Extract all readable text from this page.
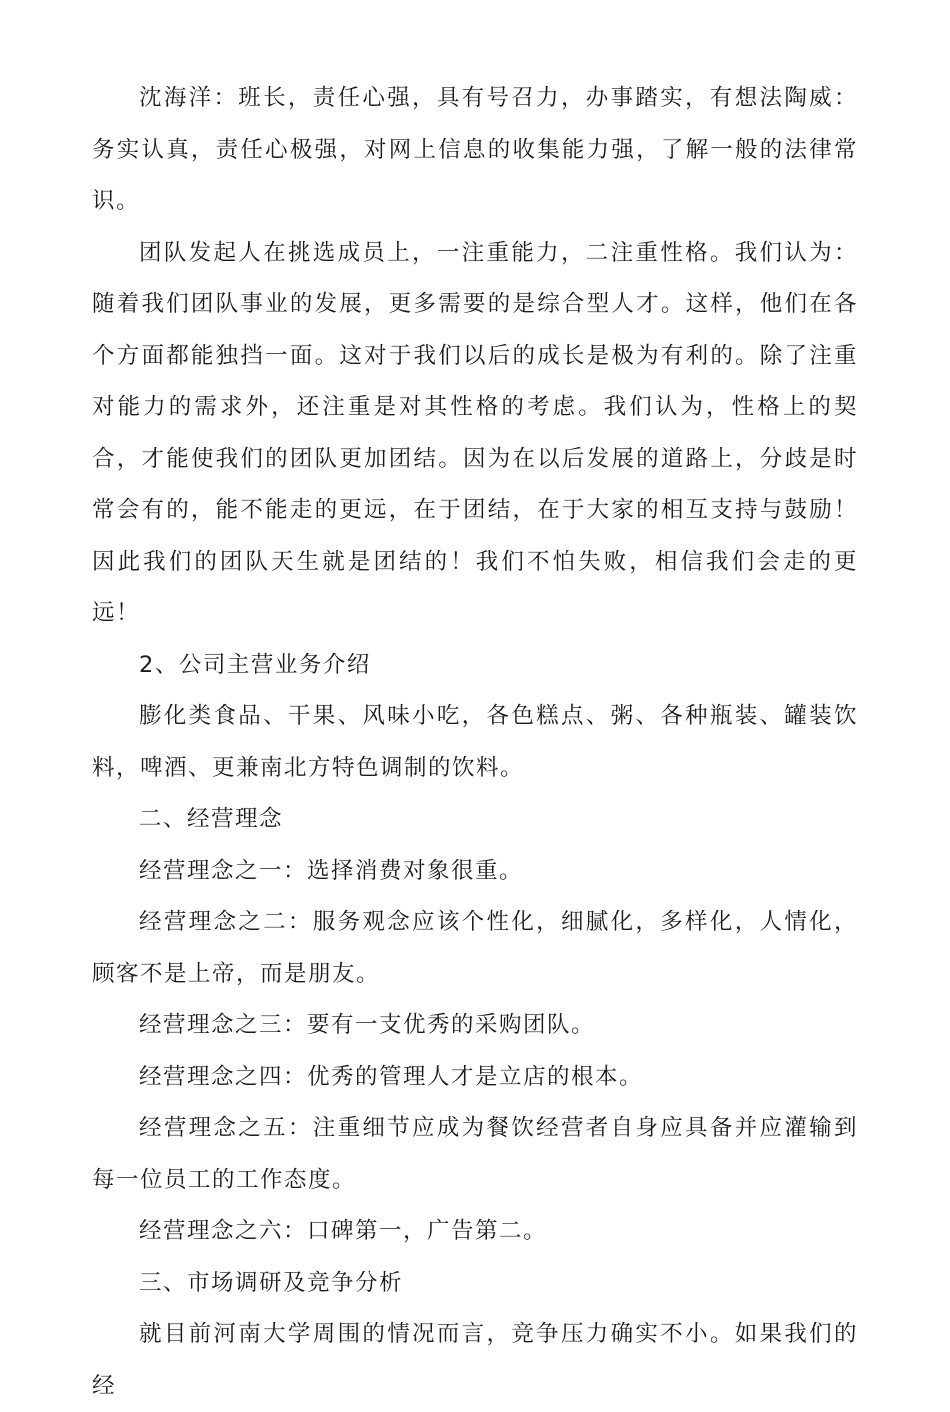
沈海洋：班长，责任心强，具有号召力，办事踏实，有想法陶威：务实认真，责任心极强，对网上信息的收集能力强，了解一般的法律常识。

团队发起人在挑选成员上，一注重能力，二注重性格。我们认为：随着我们团队事业的发展，更多需要的是综合型人才。这样，他们在各个方面都能独挡一面。这对于我们以后的成长是极为有利的。除了注重对能力的需求外，还注重是对其性格的考虑。我们认为，性格上的契合，才能使我们的团队更加团结。因为在以后发展的道路上，分歧是时常会有的，能不能走的更远，在于团结，在于大家的相互支持与鼓励！因此我们的团队天生就是团结的！我们不怕失败，相信我们会走的更远！

2、公司主营业务介绍

膨化类食品、干果、风味小吃，各色糕点、粥、各种瓶装、罐装饮料，啤酒、更兼南北方特色调制的饮料。

二、经营理念

经营理念之一：选择消费对象很重。

经营理念之二：服务观念应该个性化，细腻化，多样化，人情化，顾客不是上帝，而是朋友。

经营理念之三：要有一支优秀的采购团队。

经营理念之四：优秀的管理人才是立店的根本。

经营理念之五：注重细节应成为餐饮经营者自身应具备并应灌输到每一位员工的工作态度。

经营理念之六：口碑第一，广告第二。

三、市场调研及竞争分析

就目前河南大学周围的情况而言，竞争压力确实不小。如果我们的经
